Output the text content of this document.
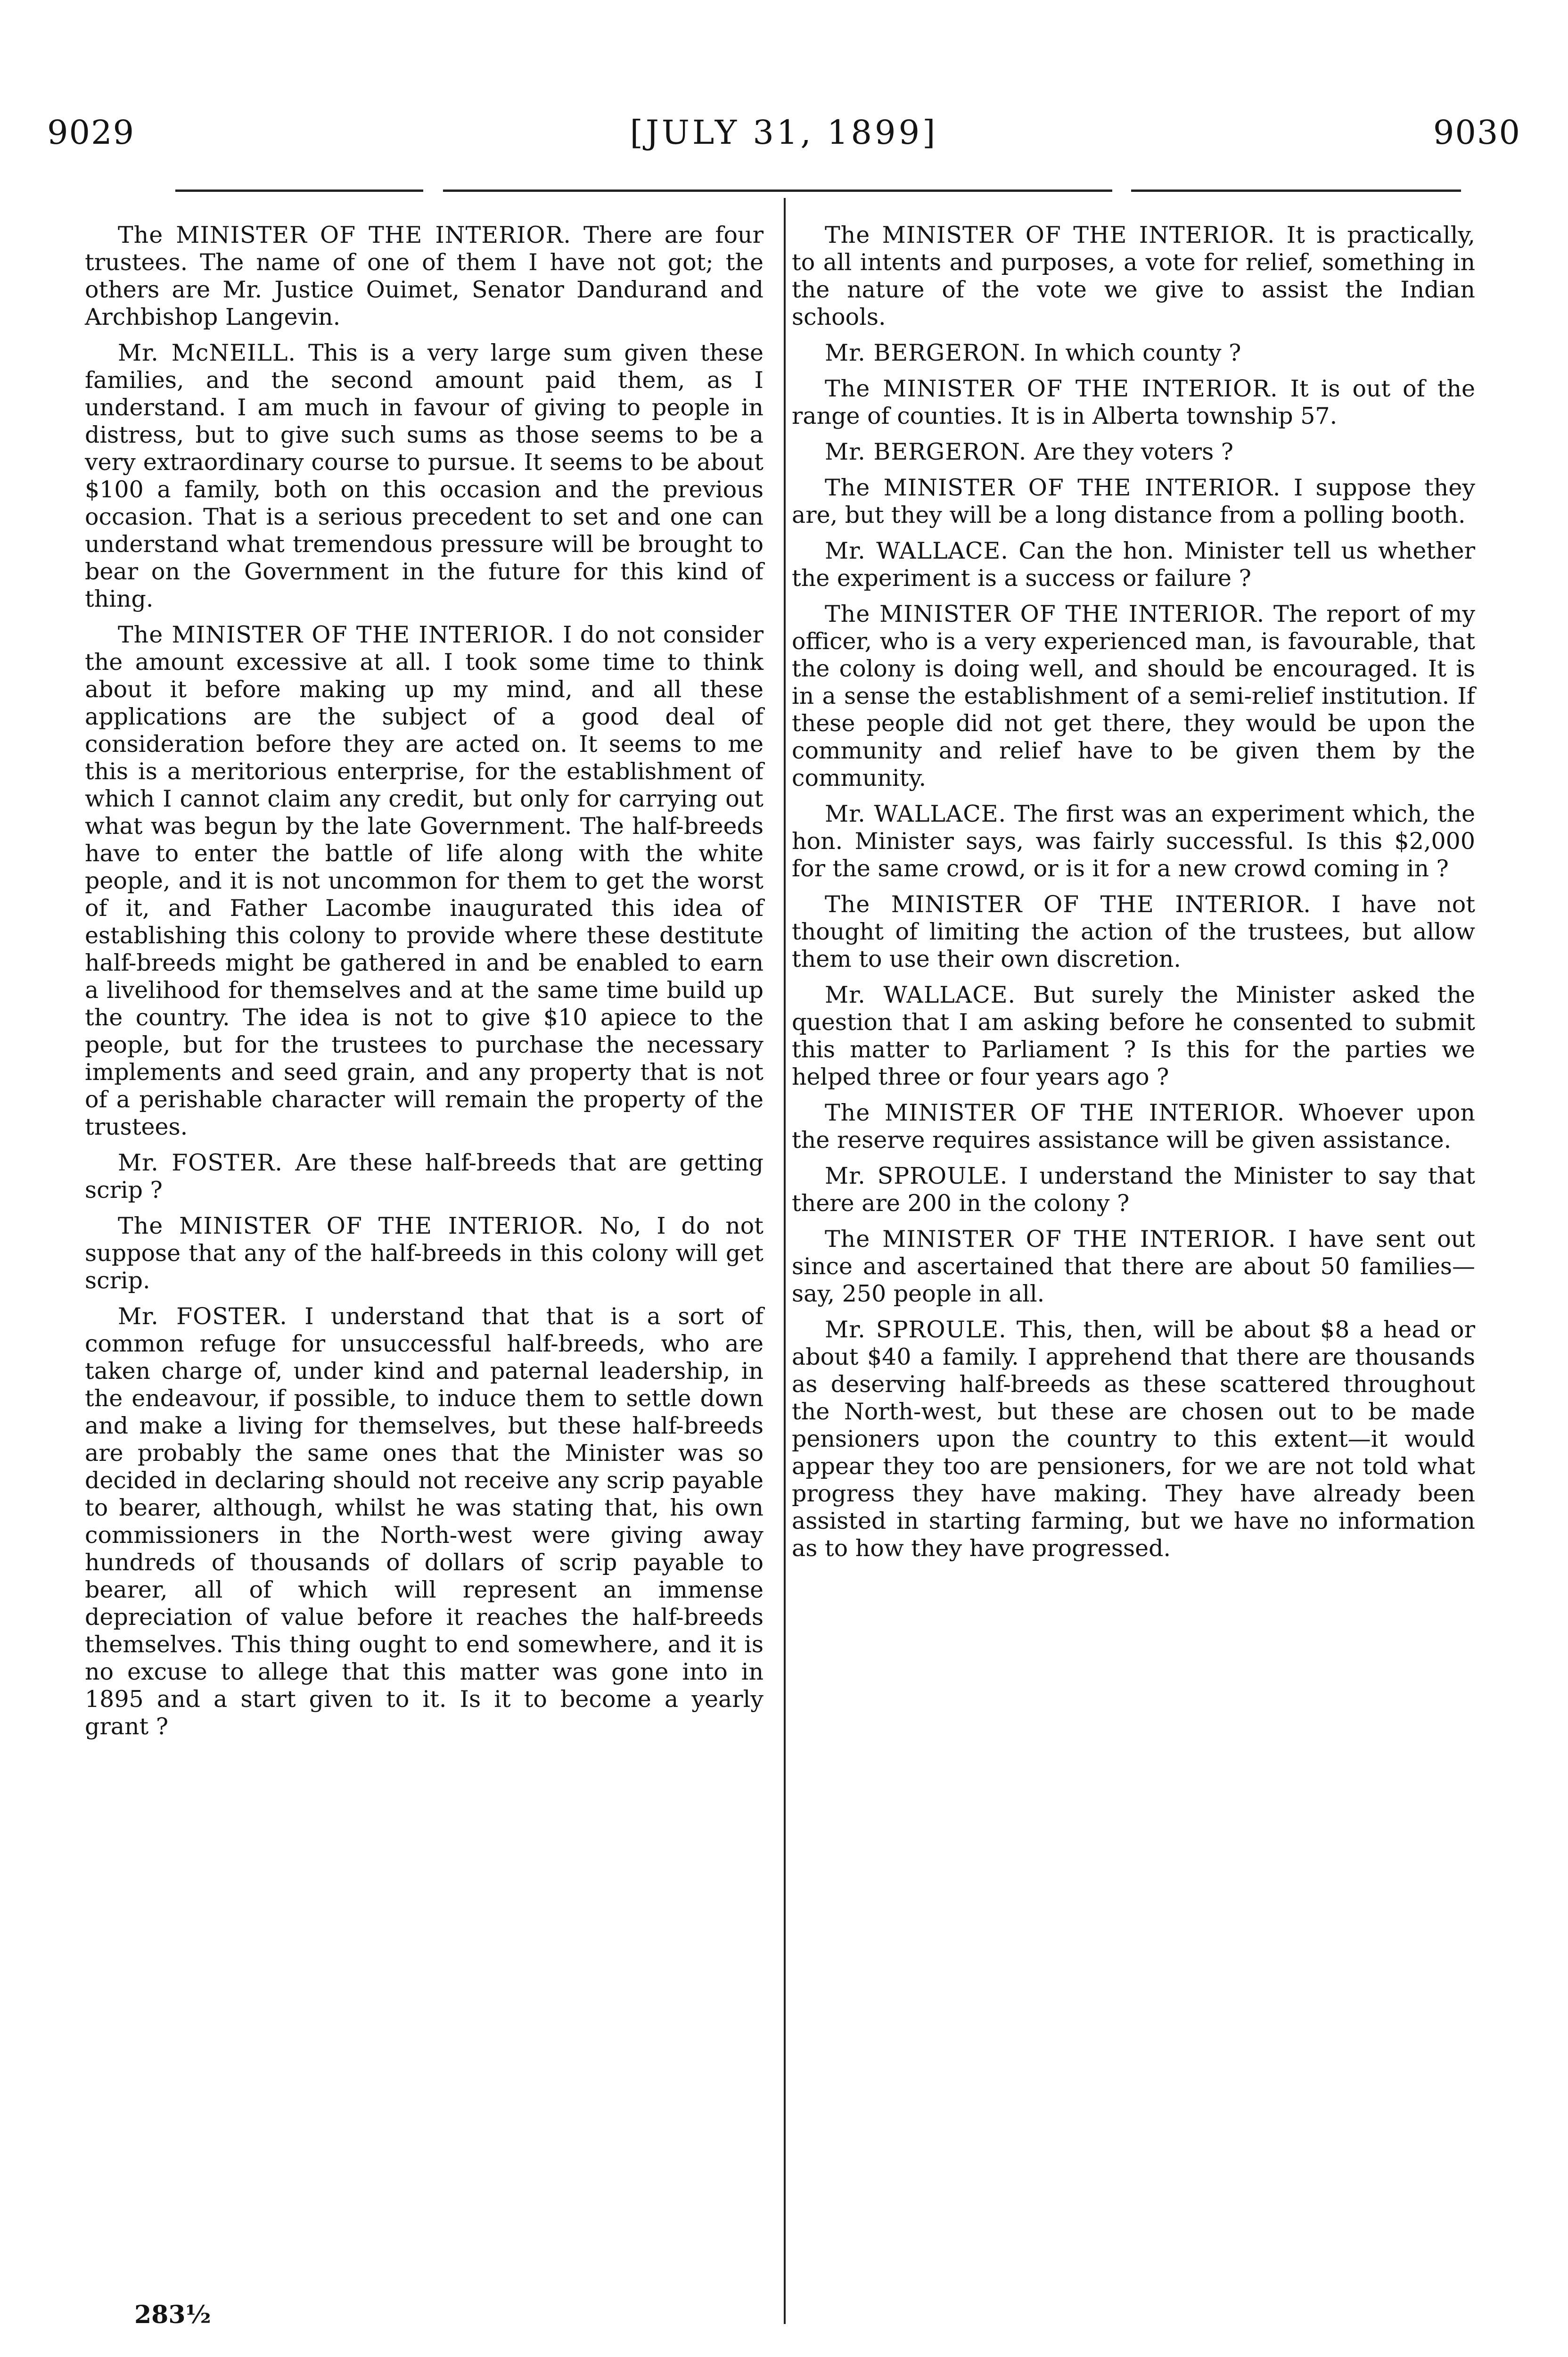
9029	[JULY 31, 1899]	9030

The MINISTER OF THE INTERIOR. There are four trustees. The name of one of them I have not got; the others are Mr. Justice Ouimet, Senator Dandurand and Archbishop Langevin.

Mr. McNEILL. This is a very large sum given these families, and the second amount paid them, as I understand. I am much in favour of giving to people in distress, but to give such sums as those seems to be a very extraordinary course to pursue. It seems to be about $100 a family, both on this occasion and the previous occasion. That is a serious precedent to set and one can understand what tremendous pressure will be brought to bear on the Government in the future for this kind of thing.

The MINISTER OF THE INTERIOR. I do not consider the amount excessive at all. I took some time to think about it before making up my mind, and all these applications are the subject of a good deal of consideration before they are acted on. It seems to me this is a meritorious enterprise, for the establishment of which I cannot claim any credit, but only for carrying out what was begun by the late Government. The half-breeds have to enter the battle of life along with the white people, and it is not uncommon for them to get the worst of it, and Father Lacombe inaugurated this idea of establishing this colony to provide where these destitute half-breeds might be gathered in and be enabled to earn a livelihood for themselves and at the same time build up the country. The idea is not to give $10 apiece to the people, but for the trustees to purchase the necessary implements and seed grain, and any property that is not of a perishable character will remain the property of the trustees.

Mr. FOSTER. Are these half-breeds that are getting scrip ?

The MINISTER OF THE INTERIOR. No, I do not suppose that any of the half-breeds in this colony will get scrip.

Mr. FOSTER. I understand that that is a sort of common refuge for unsuccessful half-breeds, who are taken charge of, under kind and paternal leadership, in the endeavour, if possible, to induce them to settle down and make a living for themselves, but these half-breeds are probably the same ones that the Minister was so decided in declaring should not receive any scrip payable to bearer, although, whilst he was stating that, his own commissioners in the North-west were giving away hundreds of thousands of dollars of scrip payable to bearer, all of which will represent an immense depreciation of value before it reaches the half-breeds themselves. This thing ought to end somewhere, and it is no excuse to allege that this matter was gone into in 1895 and a start given to it. Is it to become a yearly grant ?

The MINISTER OF THE INTERIOR. It is practically, to all intents and purposes, a vote for relief, something in the nature of the vote we give to assist the Indian schools.

Mr. BERGERON. In which county ?

The MINISTER OF THE INTERIOR. It is out of the range of counties. It is in Alberta township 57.

Mr. BERGERON. Are they voters ?

The MINISTER OF THE INTERIOR. I suppose they are, but they will be a long distance from a polling booth.

Mr. WALLACE. Can the hon. Minister tell us whether the experiment is a success or failure ?

The MINISTER OF THE INTERIOR. The report of my officer, who is a very experienced man, is favourable, that the colony is doing well, and should be encouraged. It is in a sense the establishment of a semi-relief institution. If these people did not get there, they would be upon the community and relief have to be given them by the community.

Mr. WALLACE. The first was an experiment which, the hon. Minister says, was fairly successful. Is this $2,000 for the same crowd, or is it for a new crowd coming in ?

The MINISTER OF THE INTERIOR. I have not thought of limiting the action of the trustees, but allow them to use their own discretion.

Mr. WALLACE. But surely the Minister asked the question that I am asking before he consented to submit this matter to Parliament ? Is this for the parties we helped three or four years ago ?

The MINISTER OF THE INTERIOR. Whoever upon the reserve requires assistance will be given assistance.

Mr. SPROULE. I understand the Minister to say that there are 200 in the colony ?

The MINISTER OF THE INTERIOR. I have sent out since and ascertained that there are about 50 families—say, 250 people in all.

Mr. SPROULE. This, then, will be about $8 a head or about $40 a family. I apprehend that there are thousands as deserving half-breeds as these scattered throughout the North-west, but these are chosen out to be made pensioners upon the country to this extent—it would appear they too are pensioners, for we are not told what progress they have making. They have already been assisted in starting farming, but we have no information as to how they have progressed.

283½
